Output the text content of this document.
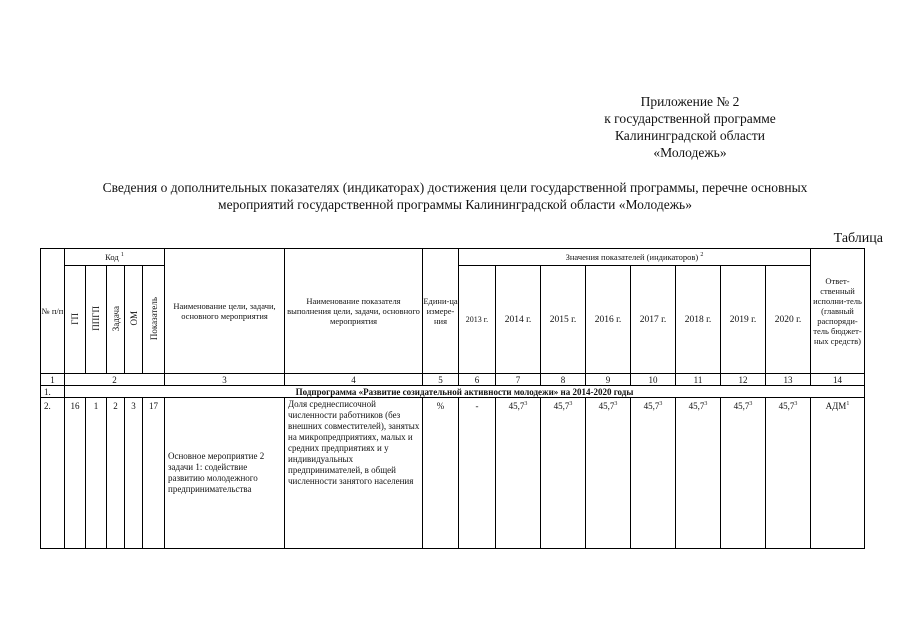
Приложение № 2
к государственной программе
Калининградской области
«Молодежь»
Сведения о дополнительных показателях (индикаторах) достижения цели государственной программы, перечне основных
мероприятий государственной программы Калининградской области «Молодежь»
Таблица
№ п/п	Код $^1$					Наименование цели, задачи, основного мероприятия	Наименование показателя выполнения цели, задачи, основного мероприятия	Едини-ца измере-ния	Значения показателей (индикаторов) $^2$								Ответ-ственный исполни-тель (главный распоряди-тель бюджет-ных средств)
	ГП	ППГП	Задача	ОМ	Показатель				2013 г.	2014 г.	2015 г.	2016 г.	2017 г.	2018 г.	2019 г.	2020 г.	
1	2					3	4	5	6	7	8	9	10	11	12	13	14
1.	Подпрограмма «Развитие созидательной активности молодежи» на 2014-2020 годы																
2.	16	1	2	3	17	Основное мероприятие 2 задачи 1: содействие развитию молодежного предпринимательства	Доля среднесписочной численности работников (без внешних совместителей), занятых на микропредприятиях, малых и средних предприятиях и у индивидуальных предпринимателей, в общей численности занятого населения	%	-	45,7$^3$	45,7$^3$	45,7$^3$	45,7$^3$	45,7$^3$	45,7$^3$	45,7$^3$	АДМ$^1$
